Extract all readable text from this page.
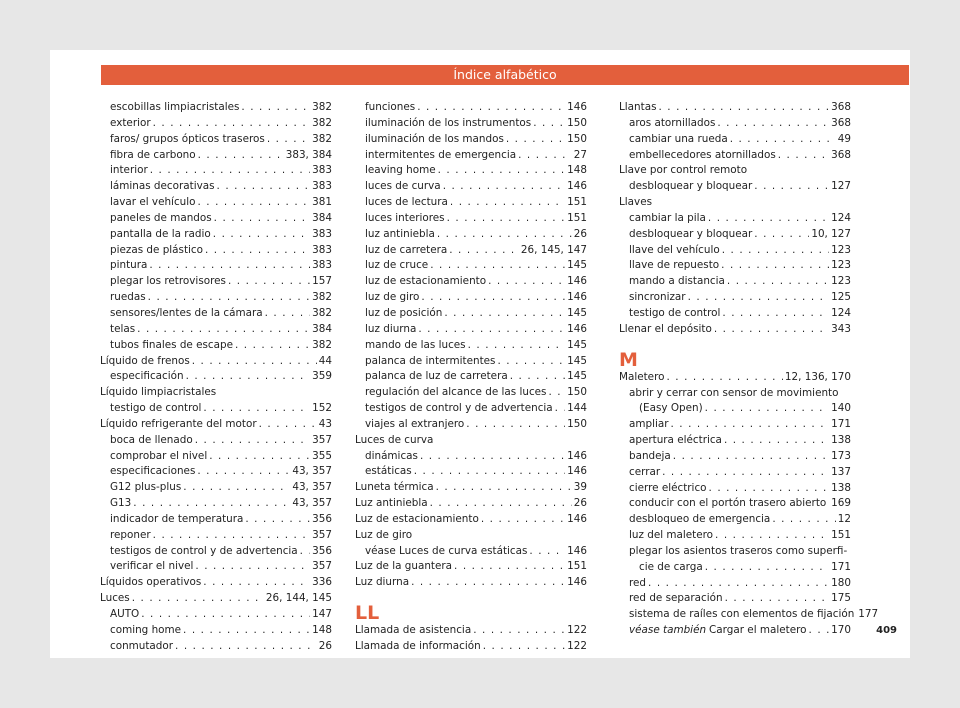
Índice alfabético
escobillas limpiacristales . . .	382
exterior . . .	382
faros/ grupos ópticos traseros . . .	382
fibra de carbono . . .	383, 384
interior . . .	383
láminas decorativas . . .	383
lavar el vehículo . . .	381
paneles de mandos . . .	384
pantalla de la radio . . .	383
piezas de plástico . . .	383
pintura . . .	383
plegar los retrovisores . . .	157
ruedas . . .	382
sensores/lentes de la cámara . . .	382
telas . . .	384
tubos finales de escape . . .	382
Líquido de frenos . . .	44
especificación . . .	359
Líquido limpiacristales
testigo de control . . .	152
Líquido refrigerante del motor . . .	43
boca de llenado . . .	357
comprobar el nivel . . .	355
especificaciones . . .	43, 357
G12 plus-plus . . .	43, 357
G13 . . .	43, 357
indicador de temperatura . . .	356
reponer . . .	357
testigos de control y de advertencia . . . 356
verificar el nivel . . .	357
Líquidos operativos . . .	336
Luces . . .	26, 144, 145
AUTO . . .	147
coming home . . .	148
conmutador . . .	26
funciones . . .	146
iluminación de los instrumentos . . .	150
iluminación de los mandos . . .	150
intermitentes de emergencia . . .	27
leaving home . . .	148
luces de curva . . .	146
luces de lectura . . .	151
luces interiores . . .	151
luz antiniebla . . .	26
luz de carretera . . .	26, 145, 147
luz de cruce . . .	145
luz de estacionamiento . . .	146
luz de giro . . .	146
luz de posición . . .	145
luz diurna . . .	146
mando de las luces . . .	145
palanca de intermitentes . . .	145
palanca de luz de carretera . . .	145
regulación del alcance de las luces . . . 150
testigos de control y de advertencia . . . 144
viajes al extranjero . . .	150
Luces de curva
dinámicas . . .	146
estáticas . . .	146
Luneta térmica . . .	39
Luz antiniebla . . .	26
Luz de estacionamiento . . .	146
Luz de giro
véase Luces de curva estáticas . . .	146
Luz de la guantera . . .	151
Luz diurna . . .	146
LL
Llamada de asistencia . . .	122
Llamada de información . . .	122
Llantas . . .	368
aros atornillados . . .	368
cambiar una rueda . . .	49
embellecedores atornillados . . .	368
Llave por control remoto
desbloquear y bloquear . . .	127
Llaves
cambiar la pila . . .	124
desbloquear y bloquear . . .	10, 127
llave del vehículo . . .	123
llave de repuesto . . .	123
mando a distancia . . .	123
sincronizar . . .	125
testigo de control . . .	124
Llenar el depósito . . .	343
M
Maletero . . .	12, 136, 170
abrir y cerrar con sensor de movimiento
(Easy Open) . . .	140
ampliar . . .	171
apertura eléctrica . . .	138
bandeja . . .	173
cerrar . . .	137
cierre eléctrico . . .	138
conducir con el portón trasero abierto . . . 169
desbloqueo de emergencia . . .	12
luz del maletero . . .	151
plegar los asientos traseros como superfi-
cie de carga . . .	171
red . . .	180
red de separación . . .	175
sistema de raíles con elementos de fijación 177
véase también Cargar el maletero . . . 170	409
